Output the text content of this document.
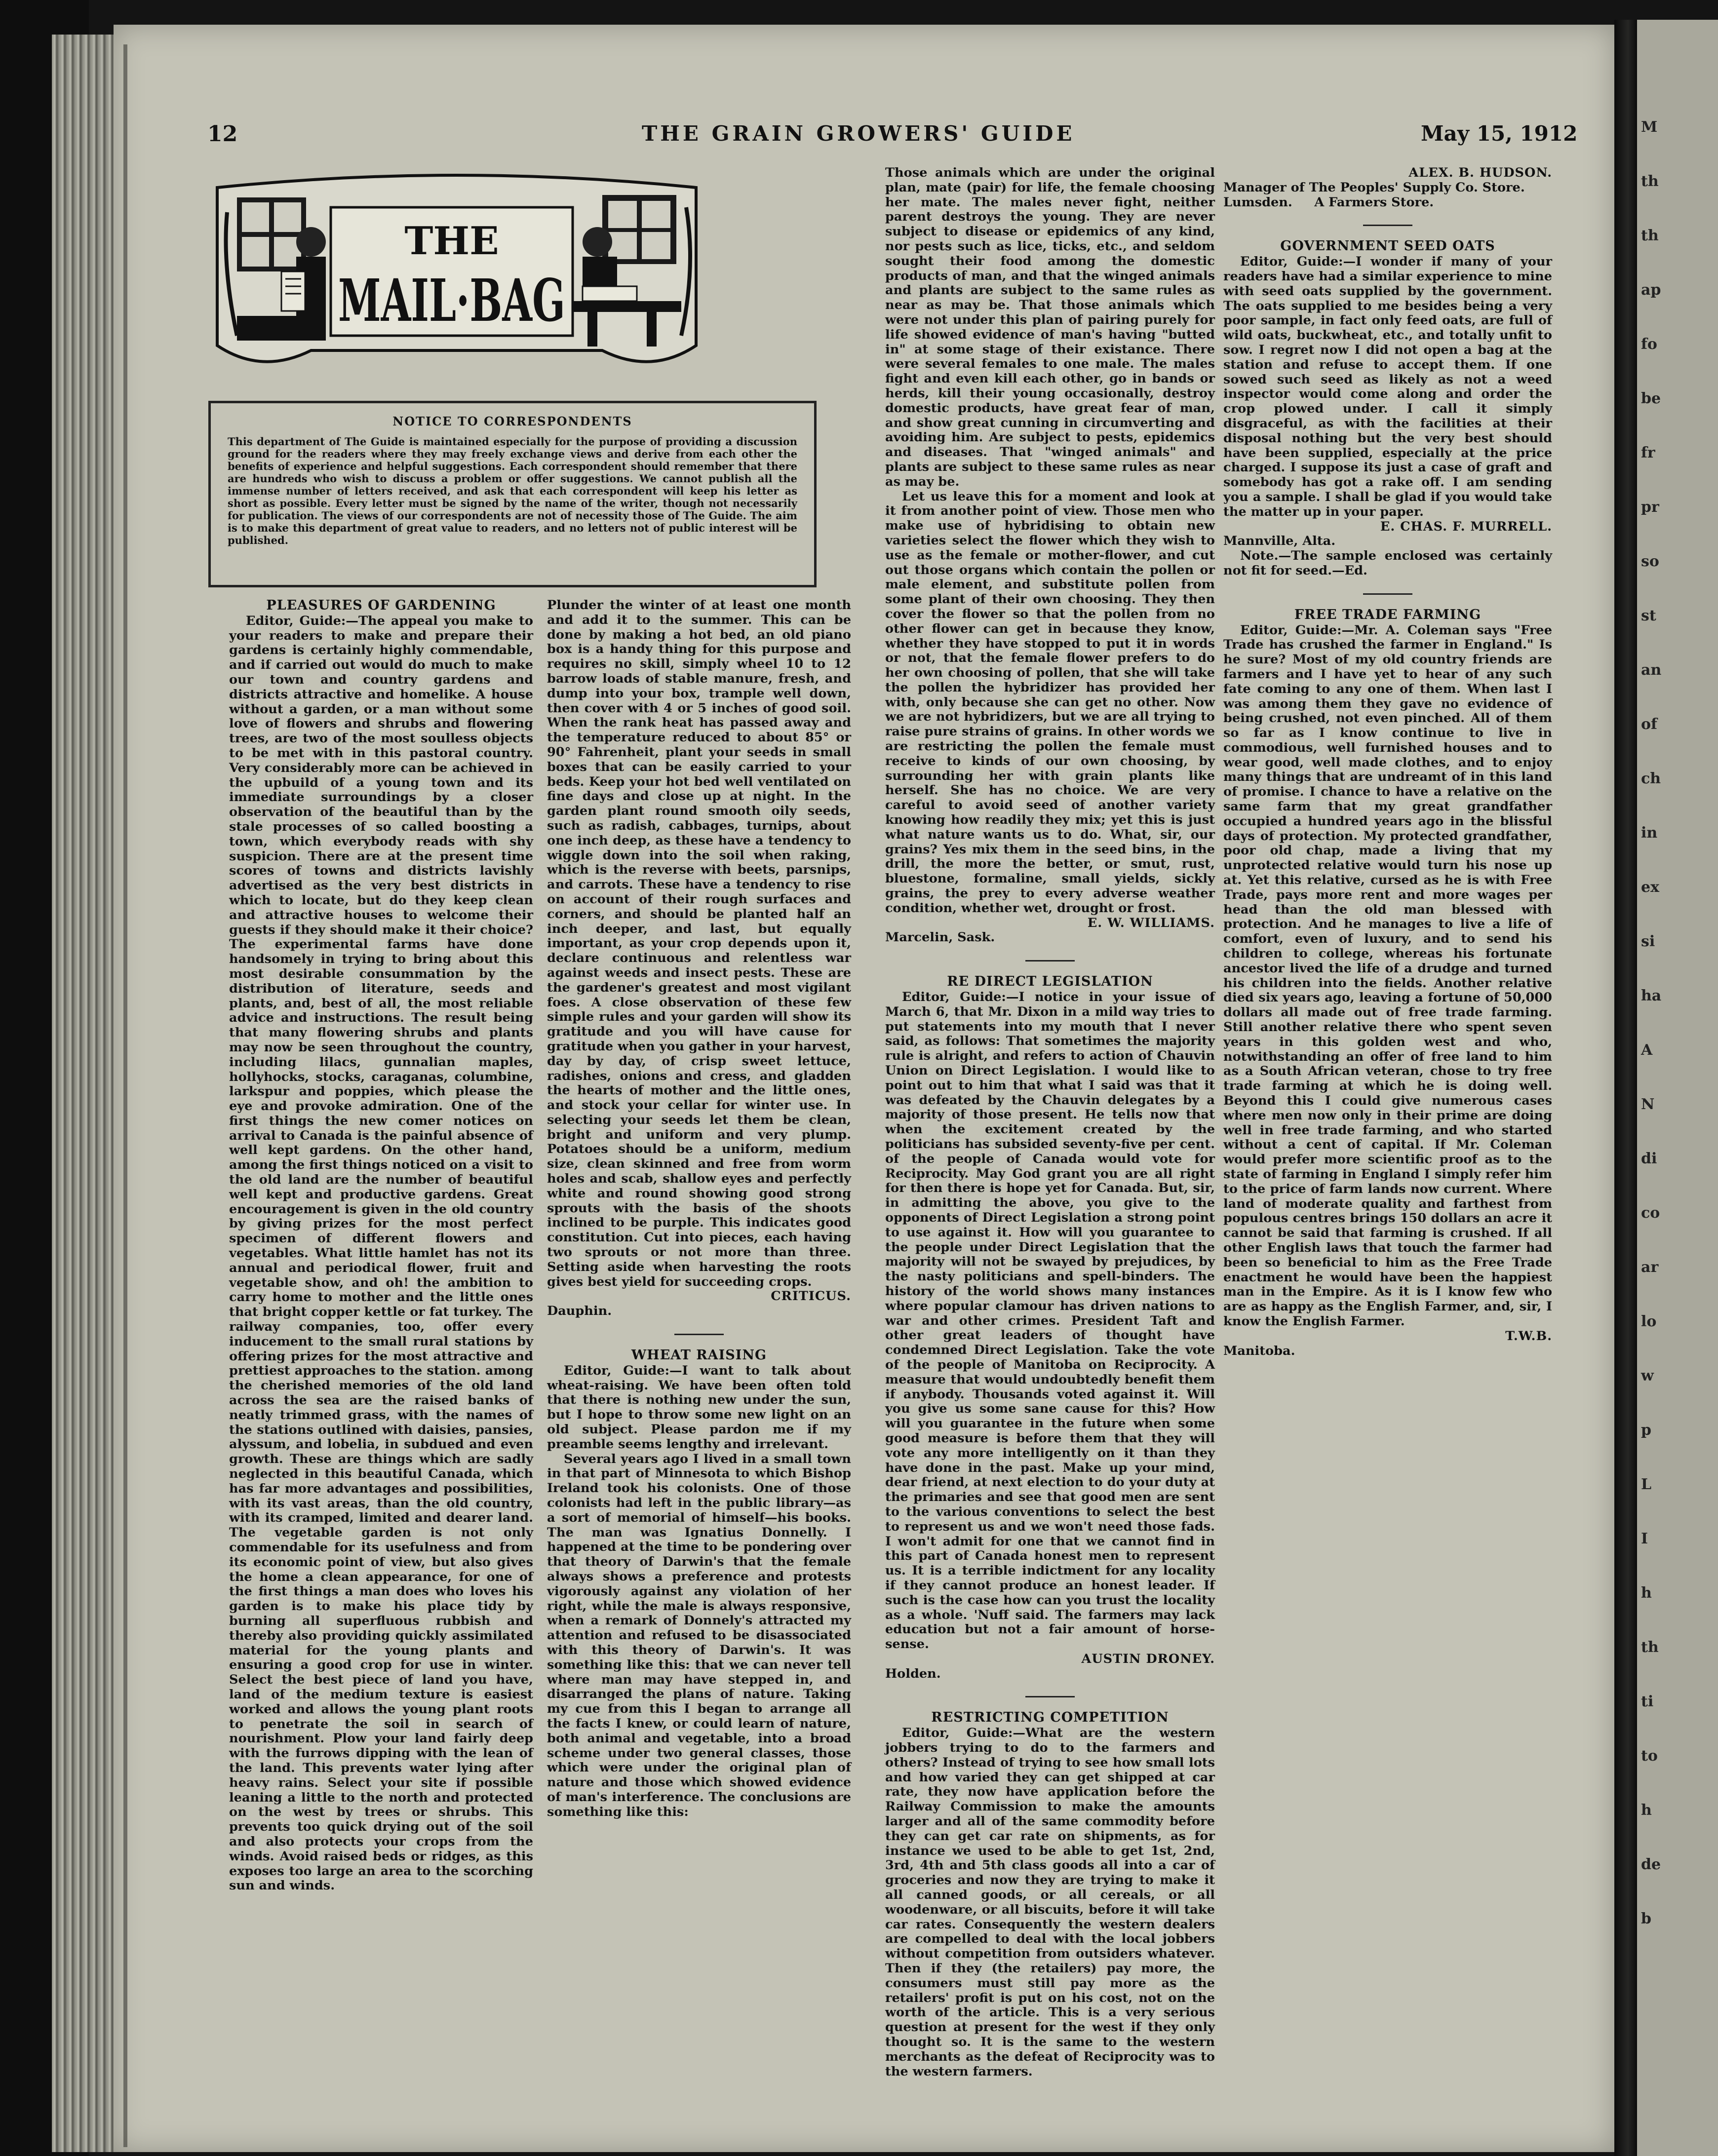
M
th
th
ap
fo
be
fr
pr
so
st
an
of
ch
in
ex
si
ha
A
N
di
co
ar
lo
w
p
L
I
h
th
ti
to
h
de
b
12	THE GRAIN GROWERS' GUIDE	May 15, 1912
THE
MAIL·BAG
NOTICE TO CORRESPONDENTS
This department of The Guide is maintained especially for the purpose of providing a discussion ground for the readers where they may freely exchange views and derive from each other the benefits of experience and helpful suggestions. Each correspondent should remember that there are hundreds who wish to discuss a problem or offer suggestions. We cannot publish all the immense number of letters received, and ask that each correspondent will keep his letter as short as possible. Every letter must be signed by the name of the writer, though not necessarily for publication. The views of our correspondents are not of necessity those of The Guide. The aim is to make this department of great value to readers, and no letters not of public interest will be published.

PLEASURES OF GARDENING

Editor, Guide:—The appeal you make to your readers to make and prepare their gardens is certainly highly commendable, and if carried out would do much to make our town and country gardens and districts attractive and homelike. A house without a garden, or a man without some love of flowers and shrubs and flowering trees, are two of the most soulless objects to be met with in this pastoral country. Very considerably more can be achieved in the upbuild of a young town and its immediate surroundings by a closer observation of the beautiful than by the stale processes of so called boosting a town, which everybody reads with shy suspicion. There are at the present time scores of towns and districts lavishly advertised as the very best districts in which to locate, but do they keep clean and attractive houses to welcome their guests if they should make it their choice? The experimental farms have done handsomely in trying to bring about this most desirable consummation by the distribution of literature, seeds and plants, and, best of all, the most reliable advice and instructions. The result being that many flowering shrubs and plants may now be seen throughout the country, including lilacs, gunnalian maples, hollyhocks, stocks, caraganas, columbine, larkspur and poppies, which please the eye and provoke admiration. One of the first things the new comer notices on arrival to Canada is the painful absence of well kept gardens. On the other hand, among the first things noticed on a visit to the old land are the number of beautiful well kept and productive gardens. Great encouragement is given in the old country by giving prizes for the most perfect specimen of different flowers and vegetables. What little hamlet has not its annual and periodical flower, fruit and vegetable show, and oh! the ambition to carry home to mother and the little ones that bright copper kettle or fat turkey. The railway companies, too, offer every inducement to the small rural stations by offering prizes for the most attractive and prettiest approaches to the station. among the cherished memories of the old land across the sea are the raised banks of neatly trimmed grass, with the names of the stations outlined with daisies, pansies, alyssum, and lobelia, in subdued and even growth. These are things which are sadly neglected in this beautiful Canada, which has far more advantages and possibilities, with its vast areas, than the old country, with its cramped, limited and dearer land. The vegetable garden is not only commendable for its usefulness and from its economic point of view, but also gives the home a clean appearance, for one of the first things a man does who loves his garden is to make his place tidy by burning all superfluous rubbish and thereby also providing quickly assimilated material for the young plants and ensuring a good crop for use in winter. Select the best piece of land you have, land of the medium texture is easiest worked and allows the young plant roots to penetrate the soil in search of nourishment. Plow your land fairly deep with the furrows dipping with the lean of the land. This prevents water lying after heavy rains. Select your site if possible leaning a little to the north and protected on the west by trees or shrubs. This prevents too quick drying out of the soil and also protects your crops from the winds. Avoid raised beds or ridges, as this exposes too large an area to the scorching sun and winds.

Plunder the winter of at least one month and add it to the summer. This can be done by making a hot bed, an old piano box is a handy thing for this purpose and requires no skill, simply wheel 10 to 12 barrow loads of stable manure, fresh, and dump into your box, trample well down, then cover with 4 or 5 inches of good soil. When the rank heat has passed away and the temperature reduced to about 85° or 90° Fahrenheit, plant your seeds in small boxes that can be easily carried to your beds. Keep your hot bed well ventilated on fine days and close up at night. In the garden plant round smooth oily seeds, such as radish, cabbages, turnips, about one inch deep, as these have a tendency to wiggle down into the soil when raking, which is the reverse with beets, parsnips, and carrots. These have a tendency to rise on account of their rough surfaces and corners, and should be planted half an inch deeper, and last, but equally important, as your crop depends upon it, declare continuous and relentless war against weeds and insect pests. These are the gardener's greatest and most vigilant foes. A close observation of these few simple rules and your garden will show its gratitude and you will have cause for gratitude when you gather in your harvest, day by day, of crisp sweet lettuce, radishes, onions and cress, and gladden the hearts of mother and the little ones, and stock your cellar for winter use. In selecting your seeds let them be clean, bright and uniform and very plump. Potatoes should be a uniform, medium size, clean skinned and free from worm holes and scab, shallow eyes and perfectly white and round showing good strong sprouts with the basis of the shoots inclined to be purple. This indicates good constitution. Cut into pieces, each having two sprouts or not more than three. Setting aside when harvesting the roots gives best yield for succeeding crops.

CRITICUS.

Dauphin.

WHEAT RAISING

Editor, Guide:—I want to talk about wheat-raising. We have been often told that there is nothing new under the sun, but I hope to throw some new light on an old subject. Please pardon me if my preamble seems lengthy and irrelevant.

Several years ago I lived in a small town in that part of Minnesota to which Bishop Ireland took his colonists. One of those colonists had left in the public library—as a sort of memorial of himself—his books. The man was Ignatius Donnelly. I happened at the time to be pondering over that theory of Darwin's that the female always shows a preference and protests vigorously against any violation of her right, while the male is always responsive, when a remark of Donnely's attracted my attention and refused to be disassociated with this theory of Darwin's. It was something like this: that we can never tell where man may have stepped in, and disarranged the plans of nature. Taking my cue from this I began to arrange all the facts I knew, or could learn of nature, both animal and vegetable, into a broad scheme under two general classes, those which were under the original plan of nature and those which showed evidence of man's interference. The conclusions are something like this:

Those animals which are under the original plan, mate (pair) for life, the female choosing her mate. The males never fight, neither parent destroys the young. They are never subject to disease or epidemics of any kind, nor pests such as lice, ticks, etc., and seldom sought their food among the domestic products of man, and that the winged animals and plants are subject to the same rules as near as may be. That those animals which were not under this plan of pairing purely for life showed evidence of man's having "butted in" at some stage of their existance. There were several females to one male. The males fight and even kill each other, go in bands or herds, kill their young occasionally, destroy domestic products, have great fear of man, and show great cunning in circumverting and avoiding him. Are subject to pests, epidemics and diseases. That "winged animals" and plants are subject to these same rules as near as may be.

Let us leave this for a moment and look at it from another point of view. Those men who make use of hybridising to obtain new varieties select the flower which they wish to use as the female or mother-flower, and cut out those organs which contain the pollen or male element, and substitute pollen from some plant of their own choosing. They then cover the flower so that the pollen from no other flower can get in because they know, whether they have stopped to put it in words or not, that the female flower prefers to do her own choosing of pollen, that she will take the pollen the hybridizer has provided her with, only because she can get no other. Now we are not hybridizers, but we are all trying to raise pure strains of grains. In other words we are restricting the pollen the female must receive to kinds of our own choosing, by surrounding her with grain plants like herself. She has no choice. We are very careful to avoid seed of another variety knowing how readily they mix; yet this is just what nature wants us to do. What, sir, our grains? Yes mix them in the seed bins, in the drill, the more the better, or smut, rust, bluestone, formaline, small yields, sickly grains, the prey to every adverse weather condition, whether wet, drought or frost.

E. W. WILLIAMS.

Marcelin, Sask.

RE DIRECT LEGISLATION

Editor, Guide:—I notice in your issue of March 6, that Mr. Dixon in a mild way tries to put statements into my mouth that I never said, as follows: That sometimes the majority rule is alright, and refers to action of Chauvin Union on Direct Legislation. I would like to point out to him that what I said was that it was defeated by the Chauvin delegates by a majority of those present. He tells now that when the excitement created by the politicians has subsided seventy-five per cent. of the people of Canada would vote for Reciprocity. May God grant you are all right for then there is hope yet for Canada. But, sir, in admitting the above, you give to the opponents of Direct Legislation a strong point to use against it. How will you guarantee to the people under Direct Legislation that the majority will not be swayed by prejudices, by the nasty politicians and spell-binders. The history of the world shows many instances where popular clamour has driven nations to war and other crimes. President Taft and other great leaders of thought have condemned Direct Legislation. Take the vote of the people of Manitoba on Reciprocity. A measure that would undoubtedly benefit them if anybody. Thousands voted against it. Will you give us some sane cause for this? How will you guarantee in the future when some good measure is before them that they will vote any more intelligently on it than they have done in the past. Make up your mind, dear friend, at next election to do your duty at the primaries and see that good men are sent to the various conventions to select the best to represent us and we won't need those fads. I won't admit for one that we cannot find in this part of Canada honest men to represent us. It is a terrible indictment for any locality if they cannot produce an honest leader. If such is the case how can you trust the locality as a whole. 'Nuff said. The farmers may lack education but not a fair amount of horse-sense.

AUSTIN DRONEY.

Holden.

RESTRICTING COMPETITION

Editor, Guide:—What are the western jobbers trying to do to the farmers and others? Instead of trying to see how small lots and how varied they can get shipped at car rate, they now have application before the Railway Commission to make the amounts larger and all of the same commodity before they can get car rate on shipments, as for instance we used to be able to get 1st, 2nd, 3rd, 4th and 5th class goods all into a car of groceries and now they are trying to make it all canned goods, or all cereals, or all woodenware, or all biscuits, before it will take car rates. Consequently the western dealers are compelled to deal with the local jobbers without competition from outsiders whatever. Then if they (the retailers) pay more, the consumers must still pay more as the retailers' profit is put on his cost, not on the worth of the article. This is a very serious question at present for the west if they only thought so. It is the same to the western merchants as the defeat of Reciprocity was to the western farmers.

ALEX. B. HUDSON.

Manager of The Peoples' Supply Co. Store.

Lumsden. A Farmers Store.

GOVERNMENT SEED OATS

Editor, Guide:—I wonder if many of your readers have had a similar experience to mine with seed oats supplied by the government. The oats supplied to me besides being a very poor sample, in fact only feed oats, are full of wild oats, buckwheat, etc., and totally unfit to sow. I regret now I did not open a bag at the station and refuse to accept them. If one sowed such seed as likely as not a weed inspector would come along and order the crop plowed under. I call it simply disgraceful, as with the facilities at their disposal nothing but the very best should have been supplied, especially at the price charged. I suppose its just a case of graft and somebody has got a rake off. I am sending you a sample. I shall be glad if you would take the matter up in your paper.

E. CHAS. F. MURRELL.

Mannville, Alta.

Note.—The sample enclosed was certainly not fit for seed.—Ed.

FREE TRADE FARMING

Editor, Guide:—Mr. A. Coleman says "Free Trade has crushed the farmer in England." Is he sure? Most of my old country friends are farmers and I have yet to hear of any such fate coming to any one of them. When last I was among them they gave no evidence of being crushed, not even pinched. All of them so far as I know continue to live in commodious, well furnished houses and to wear good, well made clothes, and to enjoy many things that are undreamt of in this land of promise. I chance to have a relative on the same farm that my great grandfather occupied a hundred years ago in the blissful days of protection. My protected grandfather, poor old chap, made a living that my unprotected relative would turn his nose up at. Yet this relative, cursed as he is with Free Trade, pays more rent and more wages per head than the old man blessed with protection. And he manages to live a life of comfort, even of luxury, and to send his children to college, whereas his fortunate ancestor lived the life of a drudge and turned his children into the fields. Another relative died six years ago, leaving a fortune of 50,000 dollars all made out of free trade farming. Still another relative there who spent seven years in this golden west and who, notwithstanding an offer of free land to him as a South African veteran, chose to try free trade farming at which he is doing well. Beyond this I could give numerous cases where men now only in their prime are doing well in free trade farming, and who started without a cent of capital. If Mr. Coleman would prefer more scientific proof as to the state of farming in England I simply refer him to the price of farm lands now current. Where land of moderate quality and farthest from populous centres brings 150 dollars an acre it cannot be said that farming is crushed. If all other English laws that touch the farmer had been so beneficial to him as the Free Trade enactment he would have been the happiest man in the Empire. As it is I know few who are as happy as the English Farmer, and, sir, I know the English Farmer.

T.W.B.

Manitoba.
